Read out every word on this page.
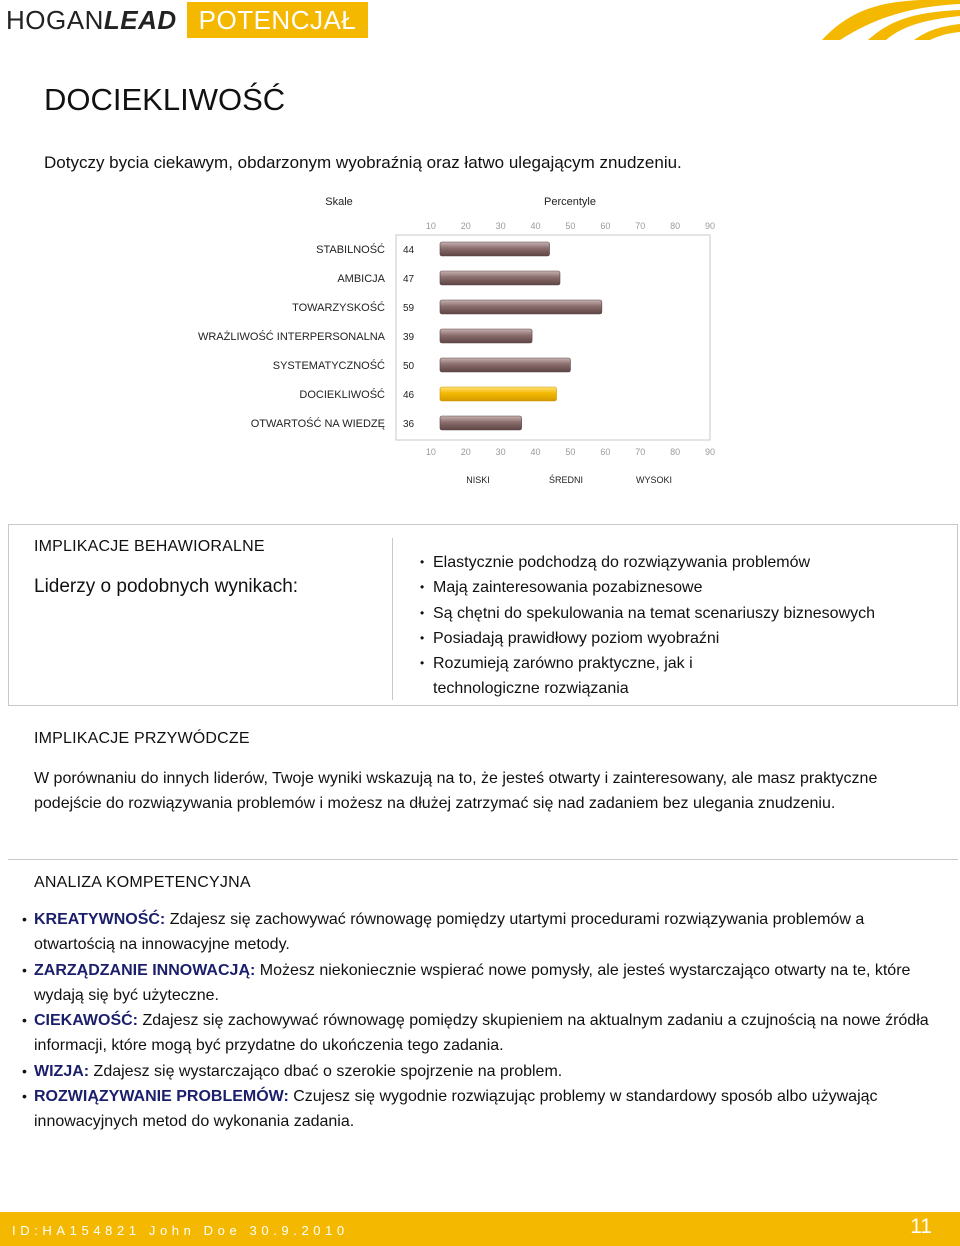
HOGAN LEAD POTENCJAŁ
DOCIEKLIWOŚĆ
Dotyczy bycia ciekawym, obdarzonym wyobraźnią oraz łatwo ulegającym znudzeniu.
Skale	Percentyle
10
10
20
20
30
30
40
40
50
50
60
60
70
70
80
80
90
90
NISKI	ŚREDNI	WYSOKI
STABILNOŚĆ 44
AMBICJA 47
TOWARZYSKOŚĆ 59
WRAŻLIWOŚĆ INTERPERSONALNA 39
SYSTEMATYCZNOŚĆ 50
DOCIEKLIWOŚĆ 46
OTWARTOŚĆ NA WIEDZĘ 36
IMPLIKACJE BEHAWIORALNE
Liderzy o podobnych wynikach:
• Elastycznie podchodzą do rozwiązywania problemów
• Mają zainteresowania pozabiznesowe
• Są chętni do spekulowania na temat scenariuszy biznesowych
• Posiadają prawidłowy poziom wyobraźni
• Rozumieją zarówno praktyczne, jak i technologiczne rozwiązania
IMPLIKACJE PRZYWÓDCZE

W porównaniu do innych liderów, Twoje wyniki wskazują na to, że jesteś otwarty i zainteresowany, ale masz praktyczne podejście do rozwiązywania problemów i możesz na dłużej zatrzymać się nad zadaniem bez ulegania znudzeniu.

ANALIZA KOMPETENCYJNA
• KREATYWNOŚĆ: Zdajesz się zachowywać równowagę pomiędzy utartymi procedurami rozwiązywania problemów a otwartością na innowacyjne metody.
• ZARZĄDZANIE INNOWACJĄ: Możesz niekoniecznie wspierać nowe pomysły, ale jesteś wystarczająco otwarty na te, które wydają się być użyteczne.
• CIEKAWOŚĆ: Zdajesz się zachowywać równowagę pomiędzy skupieniem na aktualnym zadaniu a czujnością na nowe źródła informacji, które mogą być przydatne do ukończenia tego zadania.
• WIZJA: Zdajesz się wystarczająco dbać o szerokie spojrzenie na problem.
• ROZWIĄZYWANIE PROBLEMÓW: Czujesz się wygodnie rozwiązując problemy w standardowy sposób albo używając innowacyjnych metod do wykonania zadania.
ID:HA154821 John Doe 30.9.2010	11
